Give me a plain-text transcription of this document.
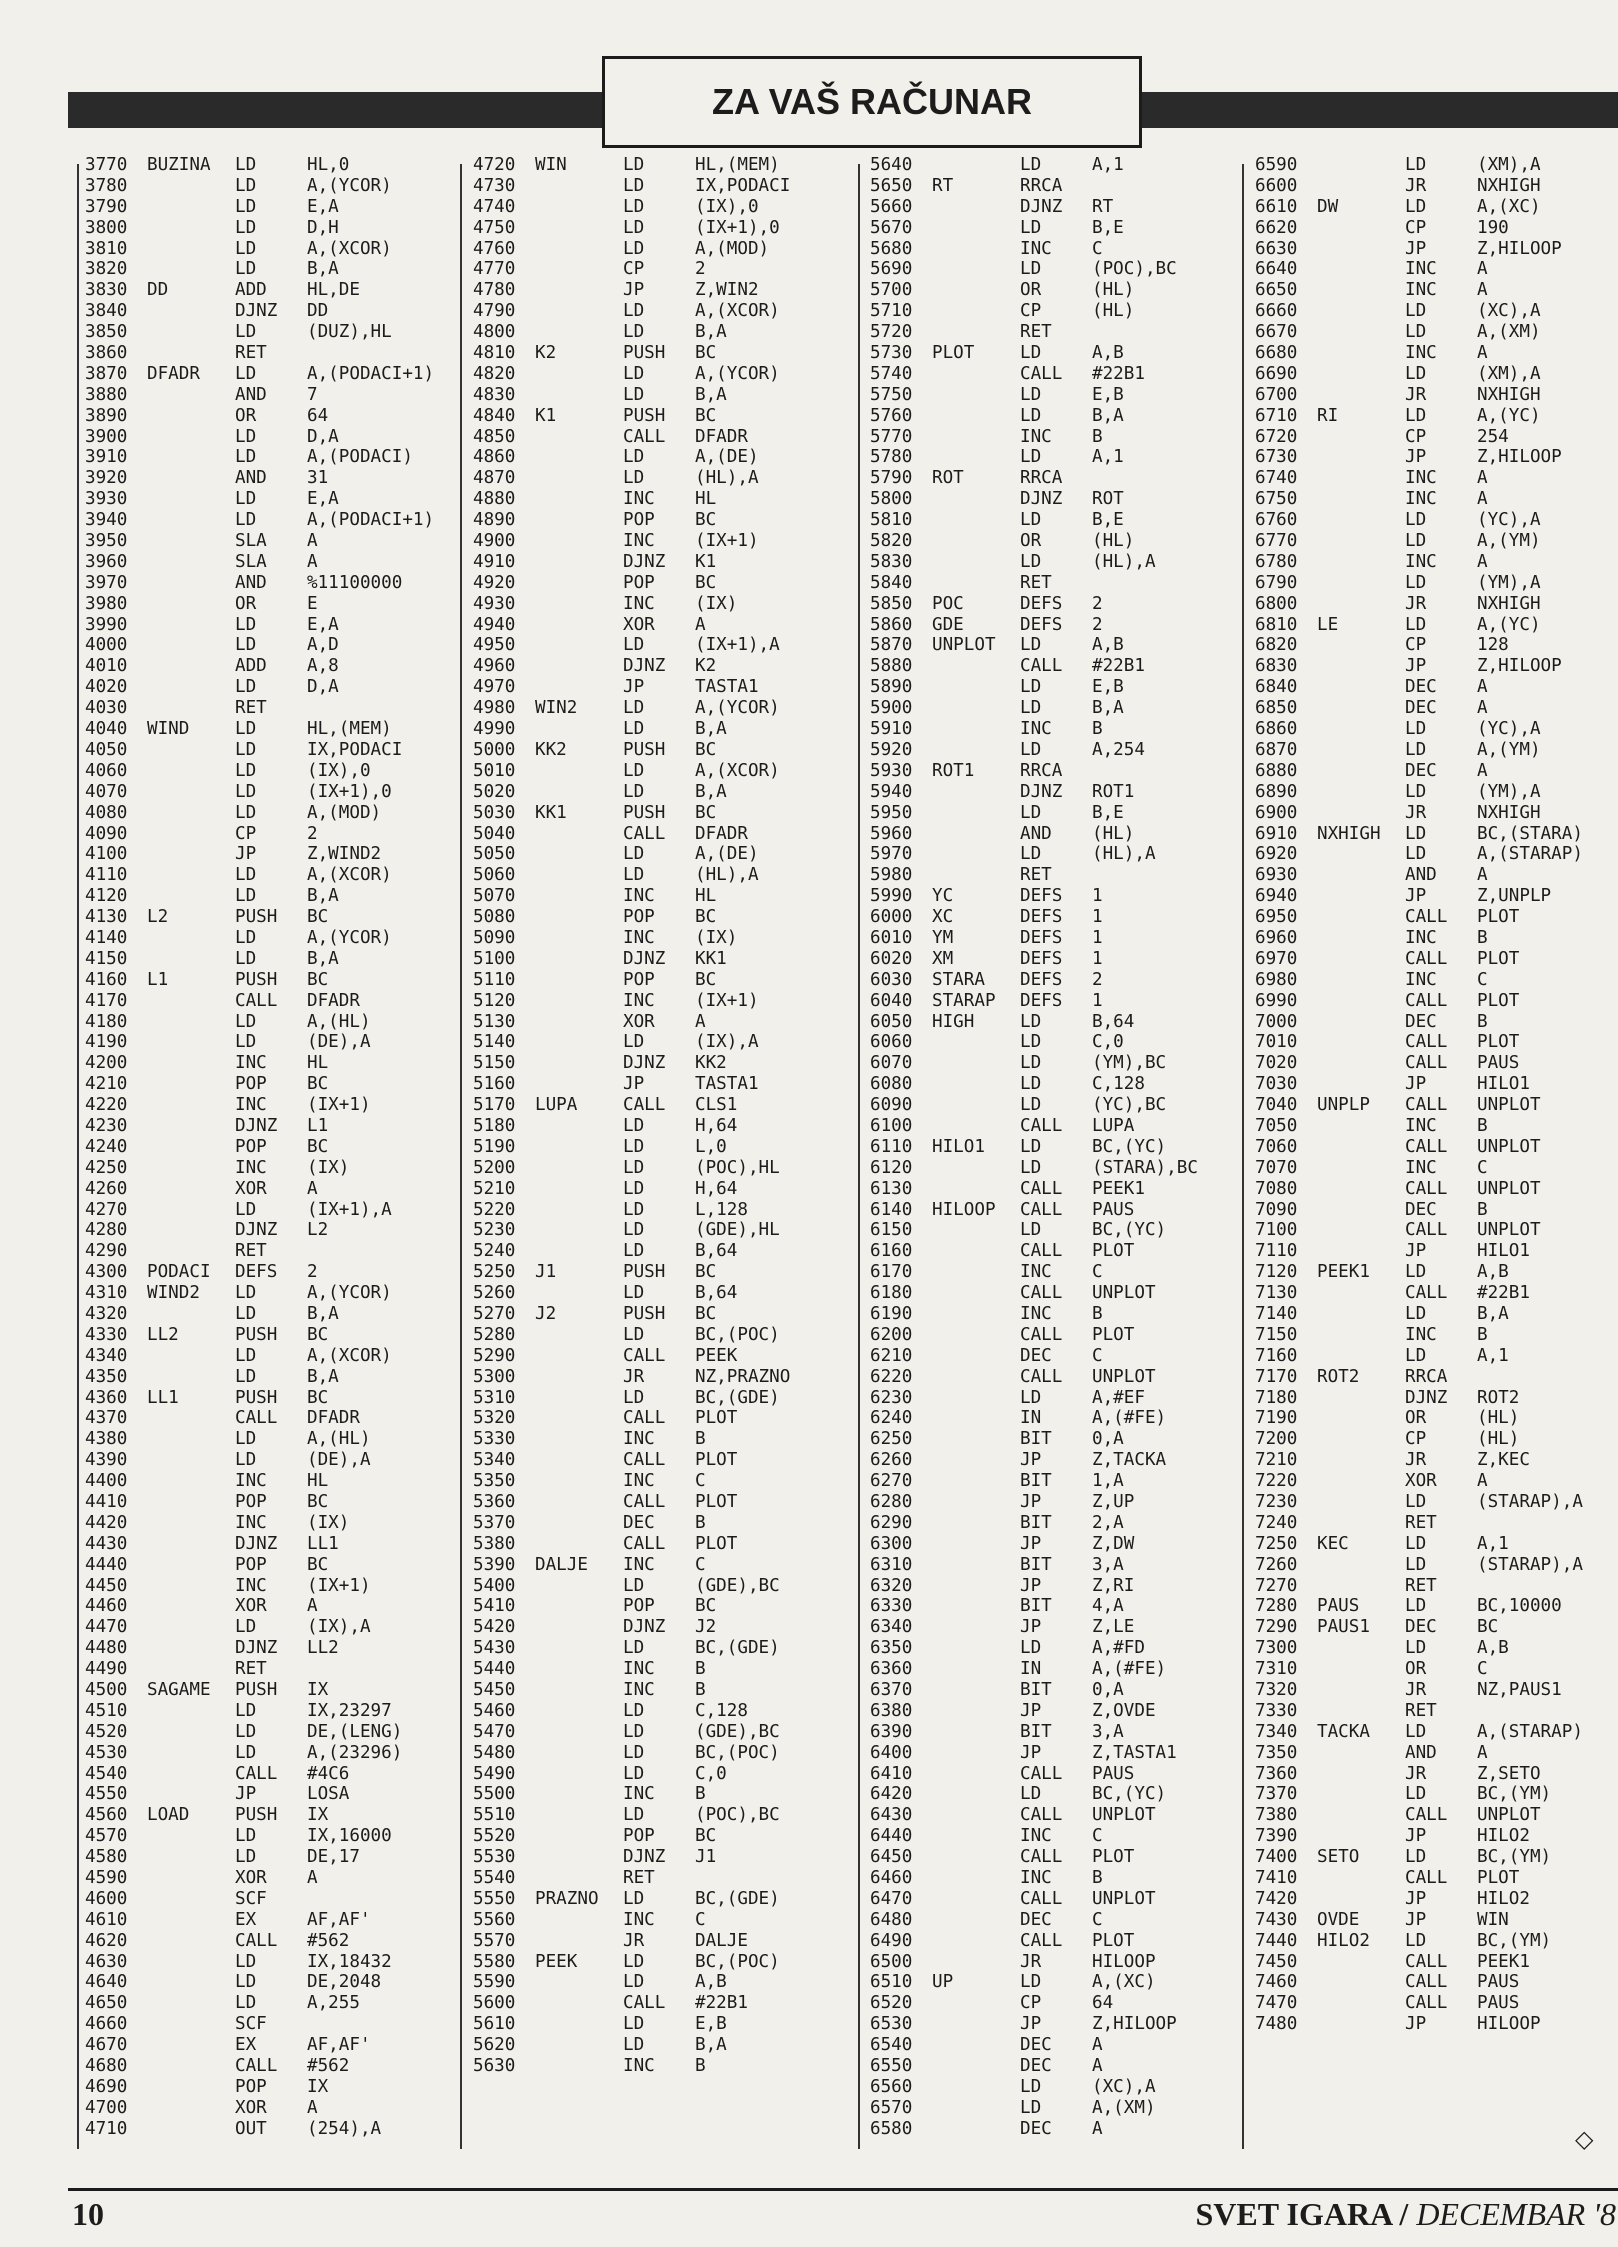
ZA VAŠ RAČUNAR
3770 BUZINA LD	HL,0
3780	LD	A,(YCOR)
3790	LD	E,A
3800	LD	D,H
3810	LD	A,(XCOR)
3820	LD	B,A
3830 DD	ADD HL,DE
3840	DJNZ DD
3850	LD	(DUZ),HL
3860	RET
3870 DFADR LD	A,(PODACI+1)
3880	AND 7
3890	OR	64
3900	LD	D,A
3910	LD	A,(PODACI)
3920	AND 31
3930	LD	E,A
3940	LD	A,(PODACI+1)
3950	SLA A
3960	SLA A
3970	AND %11100000
3980	OR	E
3990	LD	E,A
4000	LD	A,D
4010	ADD A,8
4020	LD	D,A
4030	RET
4040 WIND	LD	HL,(MEM)
4050	LD	IX,PODACI
4060	LD	(IX),0
4070	LD	(IX+1),0
4080	LD	A,(MOD)
4090	CP	2
4100	JP	Z,WIND2
4110	LD	A,(XCOR)
4120	LD	B,A
4130 L2	PUSH BC
4140	LD	A,(YCOR)
4150	LD	B,A
4160 L1	PUSH BC
4170	CALL DFADR
4180	LD	A,(HL)
4190	LD	(DE),A
4200	INC HL
4210	POP BC
4220	INC (IX+1)
4230	DJNZ L1
4240	POP BC
4250	INC (IX)
4260	XOR A
4270	LD	(IX+1),A
4280	DJNZ L2
4290	RET
4300 PODACI DEFS 2
4310 WIND2 LD	A,(YCOR)
4320	LD	B,A
4330 LL2	PUSH BC
4340	LD	A,(XCOR)
4350	LD	B,A
4360 LL1	PUSH BC
4370	CALL DFADR
4380	LD	A,(HL)
4390	LD	(DE),A
4400	INC HL
4410	POP BC
4420	INC (IX)
4430	DJNZ LL1
4440	POP BC
4450	INC (IX+1)
4460	XOR A
4470	LD	(IX),A
4480	DJNZ LL2
4490	RET
4500 SAGAME PUSH IX
4510	LD	IX,23297
4520	LD	DE,(LENG)
4530	LD	A,(23296)
4540	CALL #4C6
4550	JP	LOSA
4560 LOAD	PUSH IX
4570	LD	IX,16000
4580	LD	DE,17
4590	XOR A
4600	SCF
4610	EX	AF,AF'
4620	CALL #562
4630	LD	IX,18432
4640	LD	DE,2048
4650	LD	A,255
4660	SCF
4670	EX	AF,AF'
4680	CALL #562
4690	POP IX
4700	XOR A
4710	OUT (254),A
4720 WIN	LD	HL,(MEM)
4730	LD	IX,PODACI
4740	LD	(IX),0
4750	LD	(IX+1),0
4760	LD	A,(MOD)
4770	CP	2
4780	JP	Z,WIN2
4790	LD	A,(XCOR)
4800	LD	B,A
4810 K2	PUSH BC
4820	LD	A,(YCOR)
4830	LD	B,A
4840 K1	PUSH BC
4850	CALL DFADR
4860	LD	A,(DE)
4870	LD	(HL),A
4880	INC HL
4890	POP BC
4900	INC (IX+1)
4910	DJNZ K1
4920	POP BC
4930	INC (IX)
4940	XOR A
4950	LD	(IX+1),A
4960	DJNZ K2
4970	JP	TASTA1
4980 WIN2	LD	A,(YCOR)
4990	LD	B,A
5000 KK2	PUSH BC
5010	LD	A,(XCOR)
5020	LD	B,A
5030 KK1	PUSH BC
5040	CALL DFADR
5050	LD	A,(DE)
5060	LD	(HL),A
5070	INC HL
5080	POP BC
5090	INC (IX)
5100	DJNZ KK1
5110	POP BC
5120	INC (IX+1)
5130	XOR A
5140	LD	(IX),A
5150	DJNZ KK2
5160	JP	TASTA1
5170 LUPA	CALL CLS1
5180	LD	H,64
5190	LD	L,0
5200	LD	(POC),HL
5210	LD	H,64
5220	LD	L,128
5230	LD	(GDE),HL
5240	LD	B,64
5250 J1	PUSH BC
5260	LD	B,64
5270 J2	PUSH BC
5280	LD	BC,(POC)
5290	CALL PEEK
5300	JR	NZ,PRAZNO
5310	LD	BC,(GDE)
5320	CALL PLOT
5330	INC B
5340	CALL PLOT
5350	INC C
5360	CALL PLOT
5370	DEC B
5380	CALL PLOT
5390 DALJE INC C
5400	LD	(GDE),BC
5410	POP BC
5420	DJNZ J2
5430	LD	BC,(GDE)
5440	INC B
5450	INC B
5460	LD	C,128
5470	LD	(GDE),BC
5480	LD	BC,(POC)
5490	LD	C,0
5500	INC B
5510	LD	(POC),BC
5520	POP BC
5530	DJNZ J1
5540	RET
5550 PRAZNO LD	BC,(GDE)
5560	INC C
5570	JR	DALJE
5580 PEEK	LD	BC,(POC)
5590	LD	A,B
5600	CALL #22B1
5610	LD	E,B
5620	LD	B,A
5630	INC B
5640	LD	A,1
5650 RT	RRCA
5660	DJNZ RT
5670	LD	B,E
5680	INC C
5690	LD	(POC),BC
5700	OR	(HL)
5710	CP	(HL)
5720	RET
5730 PLOT	LD	A,B
5740	CALL #22B1
5750	LD	E,B
5760	LD	B,A
5770	INC B
5780	LD	A,1
5790 ROT	RRCA
5800	DJNZ ROT
5810	LD	B,E
5820	OR	(HL)
5830	LD	(HL),A
5840	RET
5850 POC	DEFS 2
5860 GDE	DEFS 2
5870 UNPLOT LD	A,B
5880	CALL #22B1
5890	LD	E,B
5900	LD	B,A
5910	INC B
5920	LD	A,254
5930 ROT1	RRCA
5940	DJNZ ROT1
5950	LD	B,E
5960	AND (HL)
5970	LD	(HL),A
5980	RET
5990 YC	DEFS 1
6000 XC	DEFS 1
6010 YM	DEFS 1
6020 XM	DEFS 1
6030 STARA DEFS 2
6040 STARAP DEFS 1
6050 HIGH	LD	B,64
6060	LD	C,0
6070	LD	(YM),BC
6080	LD	C,128
6090	LD	(YC),BC
6100	CALL LUPA
6110 HILO1 LD	BC,(YC)
6120	LD	(STARA),BC
6130	CALL PEEK1
6140 HILOOP CALL PAUS
6150	LD	BC,(YC)
6160	CALL PLOT
6170	INC C
6180	CALL UNPLOT
6190	INC B
6200	CALL PLOT
6210	DEC C
6220	CALL UNPLOT
6230	LD	A,#EF
6240	IN	A,(#FE)
6250	BIT 0,A
6260	JP	Z,TACKA
6270	BIT 1,A
6280	JP	Z,UP
6290	BIT 2,A
6300	JP	Z,DW
6310	BIT 3,A
6320	JP	Z,RI
6330	BIT 4,A
6340	JP	Z,LE
6350	LD	A,#FD
6360	IN	A,(#FE)
6370	BIT 0,A
6380	JP	Z,OVDE
6390	BIT 3,A
6400	JP	Z,TASTA1
6410	CALL PAUS
6420	LD	BC,(YC)
6430	CALL UNPLOT
6440	INC C
6450	CALL PLOT
6460	INC B
6470	CALL UNPLOT
6480	DEC C
6490	CALL PLOT
6500	JR	HILOOP
6510 UP	LD	A,(XC)
6520	CP	64
6530	JP	Z,HILOOP
6540	DEC A
6550	DEC A
6560	LD	(XC),A
6570	LD	A,(XM)
6580	DEC A
6590	LD	(XM),A
6600	JR	NXHIGH
6610 DW	LD	A,(XC)
6620	CP	190
6630	JP	Z,HILOOP
6640	INC A
6650	INC A
6660	LD	(XC),A
6670	LD	A,(XM)
6680	INC A
6690	LD	(XM),A
6700	JR	NXHIGH
6710 RI	LD	A,(YC)
6720	CP	254
6730	JP	Z,HILOOP
6740	INC A
6750	INC A
6760	LD	(YC),A
6770	LD	A,(YM)
6780	INC A
6790	LD	(YM),A
6800	JR	NXHIGH
6810 LE	LD	A,(YC)
6820	CP	128
6830	JP	Z,HILOOP
6840	DEC A
6850	DEC A
6860	LD	(YC),A
6870	LD	A,(YM)
6880	DEC A
6890	LD	(YM),A
6900	JR	NXHIGH
6910 NXHIGH LD	BC,(STARA)
6920	LD	A,(STARAP)
6930	AND A
6940	JP	Z,UNPLP
6950	CALL PLOT
6960	INC B
6970	CALL PLOT
6980	INC C
6990	CALL PLOT
7000	DEC B
7010	CALL PLOT
7020	CALL PAUS
7030	JP	HILO1
7040 UNPLP CALL UNPLOT
7050	INC B
7060	CALL UNPLOT
7070	INC C
7080	CALL UNPLOT
7090	DEC B
7100	CALL UNPLOT
7110	JP	HILO1
7120 PEEK1 LD	A,B
7130	CALL #22B1
7140	LD	B,A
7150	INC B
7160	LD	A,1
7170 ROT2	RRCA
7180	DJNZ ROT2
7190	OR	(HL)
7200	CP	(HL)
7210	JR	Z,KEC
7220	XOR A
7230	LD	(STARAP),A
7240	RET
7250 KEC	LD	A,1
7260	LD	(STARAP),A
7270	RET
7280 PAUS	LD	BC,10000
7290 PAUS1 DEC BC
7300	LD	A,B
7310	OR	C
7320	JR	NZ,PAUS1
7330	RET
7340 TACKA LD	A,(STARAP)
7350	AND A
7360	JR	Z,SETO
7370	LD	BC,(YM)
7380	CALL UNPLOT
7390	JP	HILO2
7400 SETO	LD	BC,(YM)
7410	CALL PLOT
7420	JP	HILO2
7430 OVDE	JP	WIN
7440 HILO2 LD	BC,(YM)
7450	CALL PEEK1
7460	CALL PAUS
7470	CALL PAUS
7480	JP	HILOOP
◇
10	SVET IGARA / DECEMBAR '8
